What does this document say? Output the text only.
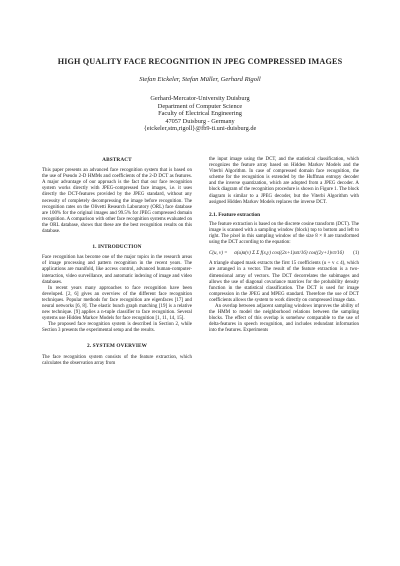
HIGH QUALITY FACE RECOGNITION IN JPEG COMPRESSED IMAGES
Stefan Eickeler, Stefan Müller, Gerhard Rigoll
Gerhard-Mercator-University Duisburg
Department of Computer Science
Faculty of Electrical Engineering
47057 Duisburg - Germany
{eickeler,stm,rigoll}@fb9-ti.uni-duisburg.de
ABSTRACT

This paper presents an advanced face recognition system that is based on the use of Pseudo 2-D HMMs and coefficients of the 2-D DCT as features. A major advantage of our approach is the fact that our face recognition system works directly with JPEG-compressed face images, i.e. it uses directly the DCT-features provided by the JPEG standard, without any necessity of completely decompressing the image before recognition. The recognition rates on the Olivetti Research Laboratory (ORL) face database are 100% for the original images and 99.5% for JPEG compressed domain recognition. A comparison with other face recognition systems evaluated on the ORL database, shows that these are the best recognition results on this database.

1. INTRODUCTION

Face recognition has become one of the major topics in the research areas of image processing and pattern recognition in the recent years. The applications are manifold, like access control, advanced human-computer-interaction, video surveillance, and automatic indexing of image and video databases.

In recent years many approaches to face recognition have been developed. [2, 6] gives an overview of the different face recognition techniques. Popular methods for face recognition are eigenfaces [17] and neural networks [6, 8]. The elastic bunch graph matching [19] is a relative new technique. [9] applies a n-tuple classifier to face recognition. Several systems use Hidden Markov Models for face recognition [1, 11, 14, 15].

The proposed face recognition system is described in Section 2, while Section 3 presents the experimental setup and the results.

2. SYSTEM OVERVIEW

The face recognition system consists of the feature extraction, which calculates the observation array from

the input image using the DCT, and the statistical classification, which recognizes the feature array based on Hidden Markov Models and the Viterbi Algorithm. In case of compressed domain face recognition, the scheme for the recognition is extended by the Huffman entropy decoder and the inverse quantization, which are adopted from a JPEG decoder. A block diagram of the recognition procedure is shown in Figure 1. The block diagram is similar to a JPEG decoder, but the Viterbi Algorithm with assigned Hidden Markov Models replaces the inverse DCT.

2.1. Feature extraction

The feature extraction is based on the discrete cosine transform (DCT). The image is scanned with a sampling window (block) top to bottom and left to right. The pixel in this sampling window of the size 8 × 8 are transformed using the DCT according to the equation:

C(u, v) =	α(u)α(v) Σ Σ f(x,y) cos((2x+1)uπ/16) cos((2y+1)vπ/16)	(1)

A triangle shaped mask extracts the first 15 coefficients (u + v ≤ 4), which are arranged in a vector. The result of the feature extraction is a two-dimensional array of vectors. The DCT decorrelates the subimages and allows the use of diagonal covariance matrices for the probability density function in the statistical classification. The DCT is used for image compression in the JPEG and MPEG standard. Therefore the use of DCT coefficients allows the system to work directly on compressed image data.

An overlap between adjacent sampling windows improves the ability of the HMM to model the neighborhood relations between the sampling blocks. The effect of this overlap is somehow comparable to the use of delta-features in speech recognition, and includes redundant information into the features. Experiments
